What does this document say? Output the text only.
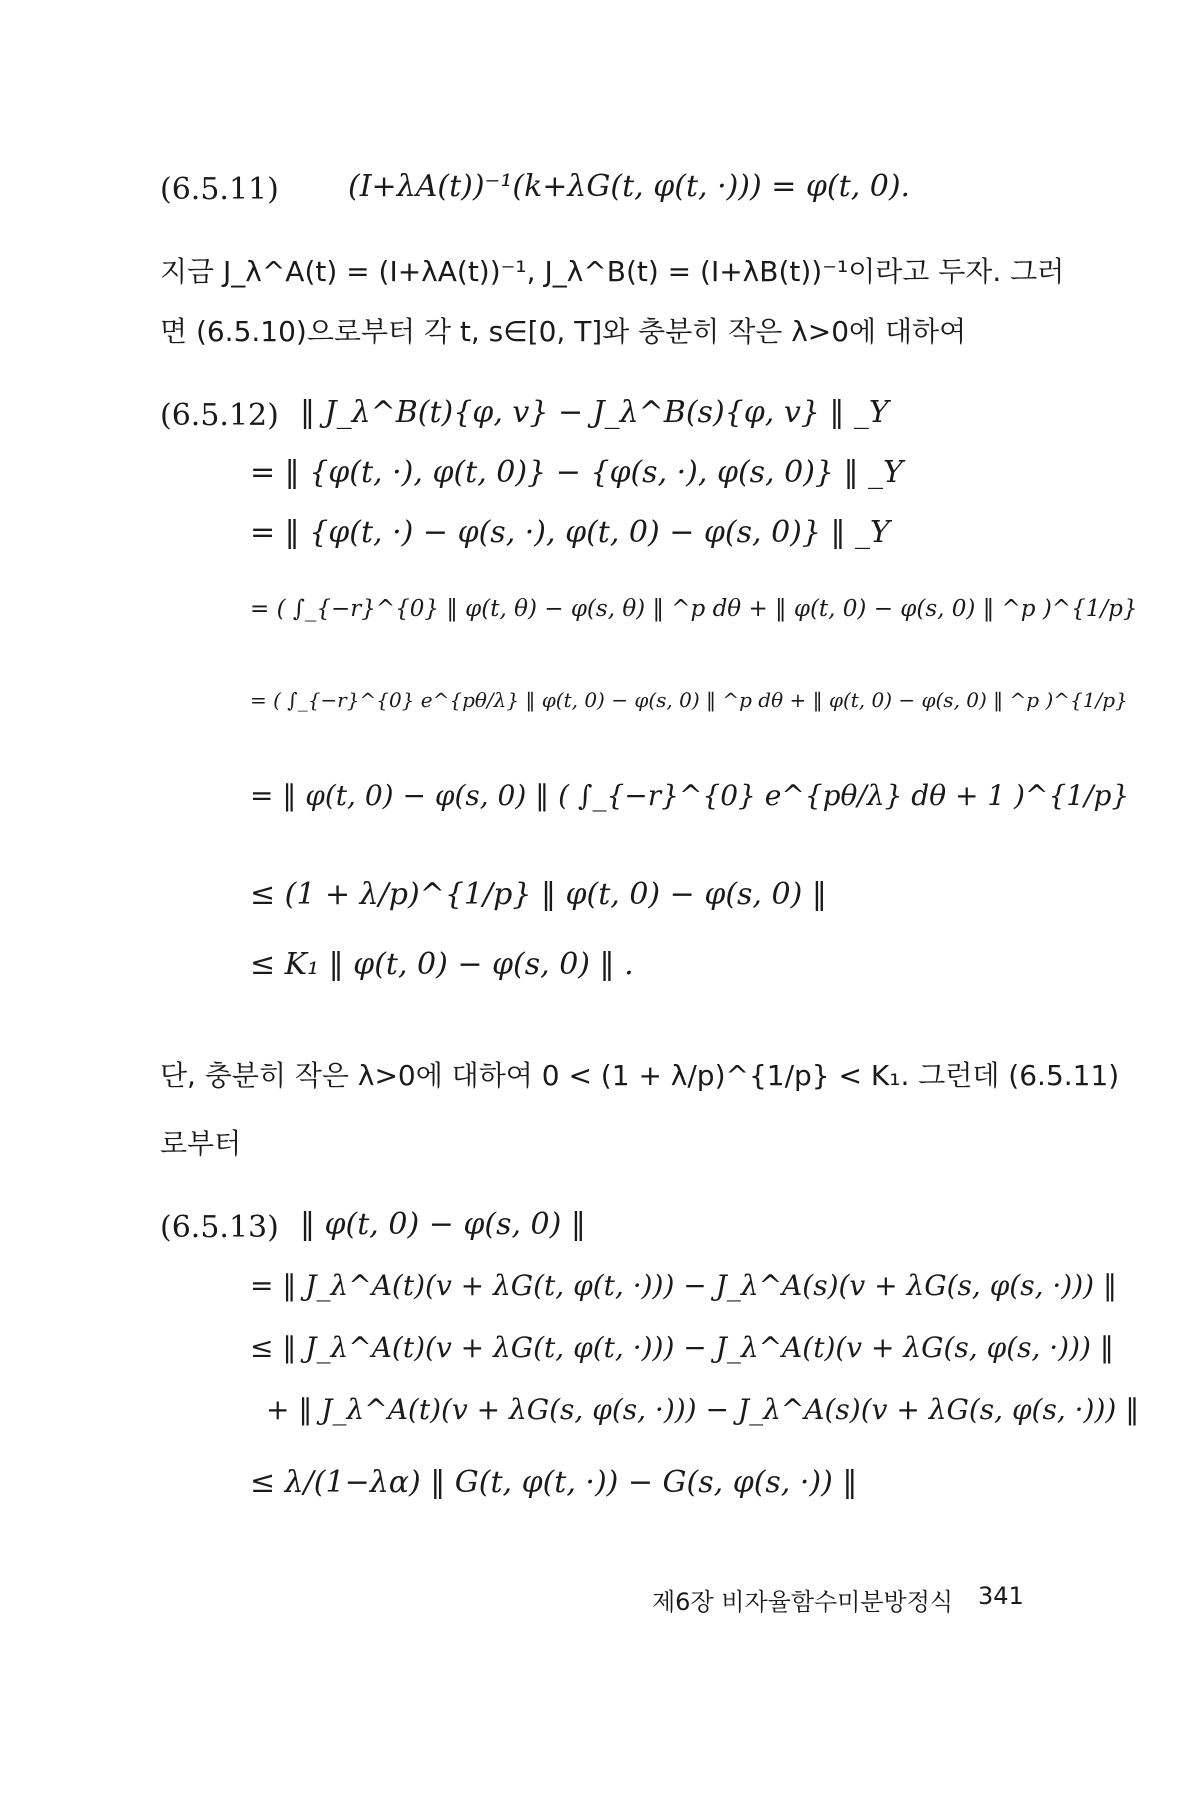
(6.5.11) (I+λA(t))⁻¹(k+λG(t, φ(t, ·))) = φ(t, 0).
지금 J_λ^A(t) = (I+λA(t))⁻¹, J_λ^B(t) = (I+λB(t))⁻¹이라고 두자. 그러
면 (6.5.10)으로부터 각 t, s∈[0, T]와 충분히 작은 λ>0에 대하여
(6.5.12) ‖ J_λ^B(t){φ, v} − J_λ^B(s){φ, v} ‖ _Y
= ‖ {φ(t, ·), φ(t, 0)} − {φ(s, ·), φ(s, 0)} ‖ _Y
= ‖ {φ(t, ·) − φ(s, ·), φ(t, 0) − φ(s, 0)} ‖ _Y
= ( ∫_{−r}^{0} ‖ φ(t, θ) − φ(s, θ) ‖ ^p dθ + ‖ φ(t, 0) − φ(s, 0) ‖ ^p )^{1/p}
= ( ∫_{−r}^{0} e^{pθ/λ} ‖ φ(t, 0) − φ(s, 0) ‖ ^p dθ + ‖ φ(t, 0) − φ(s, 0) ‖ ^p )^{1/p}
= ‖ φ(t, 0) − φ(s, 0) ‖ ( ∫_{−r}^{0} e^{pθ/λ} dθ + 1 )^{1/p}
≤ (1 + λ/p)^{1/p} ‖ φ(t, 0) − φ(s, 0) ‖
≤ K₁ ‖ φ(t, 0) − φ(s, 0) ‖ .
단, 충분히 작은 λ>0에 대하여 0 < (1 + λ/p)^{1/p} < K₁. 그런데 (6.5.11)
로부터
(6.5.13) ‖ φ(t, 0) − φ(s, 0) ‖
= ‖ J_λ^A(t)(v + λG(t, φ(t, ·))) − J_λ^A(s)(v + λG(s, φ(s, ·))) ‖
≤ ‖ J_λ^A(t)(v + λG(t, φ(t, ·))) − J_λ^A(t)(v + λG(s, φ(s, ·))) ‖
+ ‖ J_λ^A(t)(v + λG(s, φ(s, ·))) − J_λ^A(s)(v + λG(s, φ(s, ·))) ‖
≤ λ/(1−λα) ‖ G(t, φ(t, ·)) − G(s, φ(s, ·)) ‖
제6장 비자율함수미분방정식 341
